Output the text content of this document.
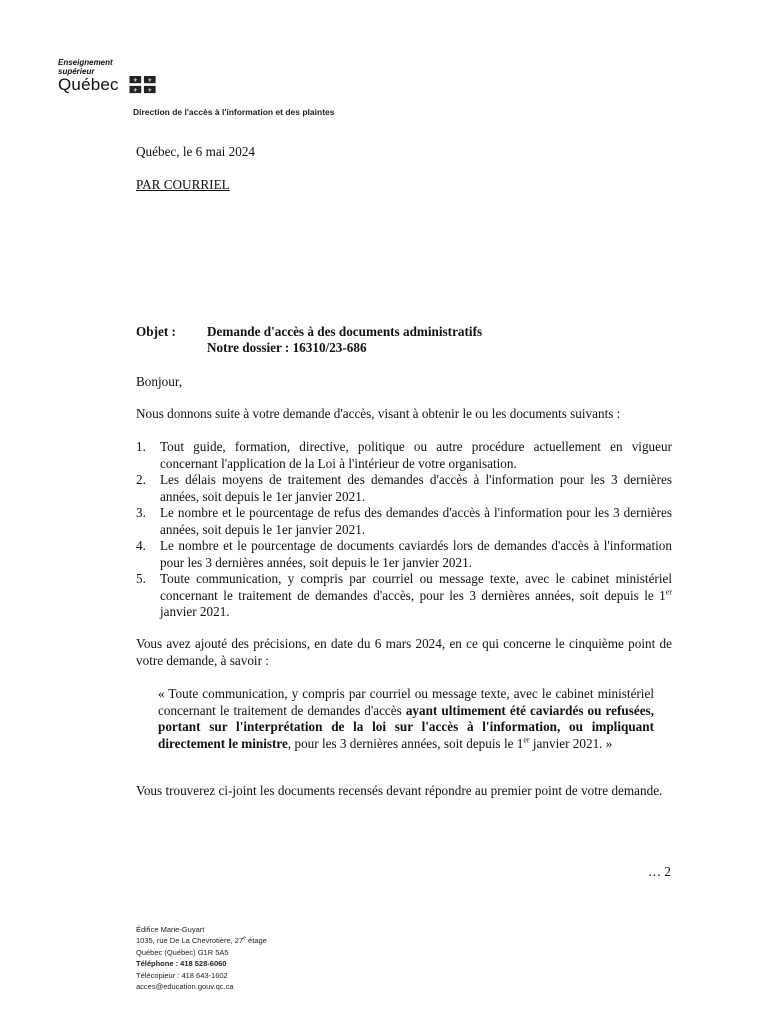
Enseignement
supérieur
Québec ⚜ ⚜
⚜ ⚜
Direction de l'accès à l'information et des plaintes
Québec, le 6 mai 2024
PAR COURRIEL
Objet : Demande d'accès à des documents administratifs
Notre dossier : 16310/23-686
Bonjour,
Nous donnons suite à votre demande d'accès, visant à obtenir le ou les documents suivants :
1. Tout guide, formation, directive, politique ou autre procédure actuellement en vigueur concernant l'application de la Loi à l'intérieur de votre organisation.
2. Les délais moyens de traitement des demandes d'accès à l'information pour les 3 dernières années, soit depuis le 1er janvier 2021.
3. Le nombre et le pourcentage de refus des demandes d'accès à l'information pour les 3 dernières années, soit depuis le 1er janvier 2021.
4. Le nombre et le pourcentage de documents caviardés lors de demandes d'accès à l'information pour les 3 dernières années, soit depuis le 1er janvier 2021.
5. Toute communication, y compris par courriel ou message texte, avec le cabinet ministériel concernant le traitement de demandes d'accès, pour les 3 dernières années, soit depuis le 1er janvier 2021.
Vous avez ajouté des précisions, en date du 6 mars 2024, en ce qui concerne le cinquième point de votre demande, à savoir :
« Toute communication, y compris par courriel ou message texte, avec le cabinet ministériel concernant le traitement de demandes d'accès ayant ultimement été caviardés ou refusées, portant sur l'interprétation de la loi sur l'accès à l'information, ou impliquant directement le ministre, pour les 3 dernières années, soit depuis le 1er janvier 2021. »
Vous trouverez ci-joint les documents recensés devant répondre au premier point de votre demande.
… 2
Édifice Marie-Guyart
1035, rue De La Chevrotière, 27e étage
Québec (Québec) G1R 5A5
Téléphone : 418 528-6060
Télécopieur : 418 643-1602
acces@education.gouv.qc.ca
